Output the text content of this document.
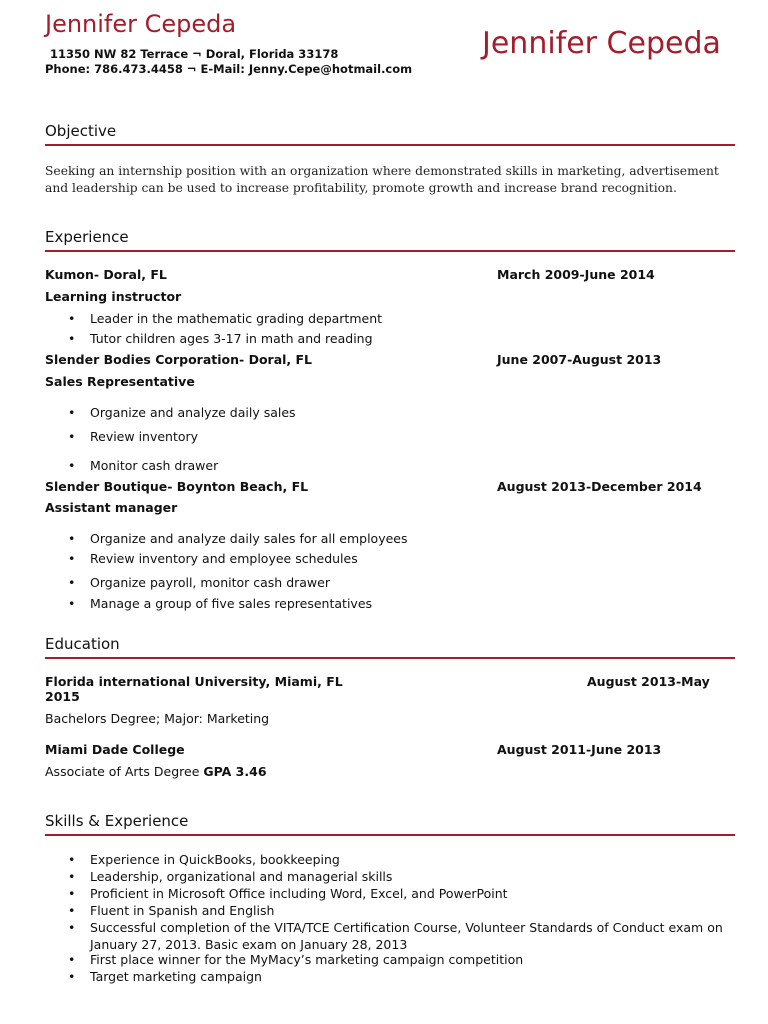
Jennifer Cepeda
Jennifer Cepeda
11350 NW 82 Terrace ¬ Doral, Florida 33178
Phone: 786.473.4458 ¬ E-Mail: Jenny.Cepe@hotmail.com
Objective
Seeking an internship position with an organization where demonstrated skills in marketing, advertisement and leadership can be used to increase profitability, promote growth and increase brand recognition.
Experience
Kumon- Doral, FL	March 2009-June 2014
Learning instructor
• Leader in the mathematic grading department
• Tutor children ages 3-17 in math and reading
Slender Bodies Corporation- Doral, FL	June 2007-August 2013
Sales Representative
• Organize and analyze daily sales
• Review inventory
• Monitor cash drawer
Slender Boutique- Boynton Beach, FL	August 2013-December 2014
Assistant manager
• Organize and analyze daily sales for all employees
• Review inventory and employee schedules
• Organize payroll, monitor cash drawer
• Manage a group of five sales representatives
Education
Florida international University, Miami, FL	August 2013-May
2015
Bachelors Degree; Major: Marketing
Miami Dade College	August 2011-June 2013
Associate of Arts Degree GPA 3.46
Skills & Experience
• Experience in QuickBooks, bookkeeping
• Leadership, organizational and managerial skills
• Proficient in Microsoft Office including Word, Excel, and PowerPoint
• Fluent in Spanish and English
• Successful completion of the VITA/TCE Certification Course, Volunteer Standards of Conduct exam on January 27, 2013. Basic exam on January 28, 2013
• First place winner for the MyMacy’s marketing campaign competition
• Target marketing campaign
